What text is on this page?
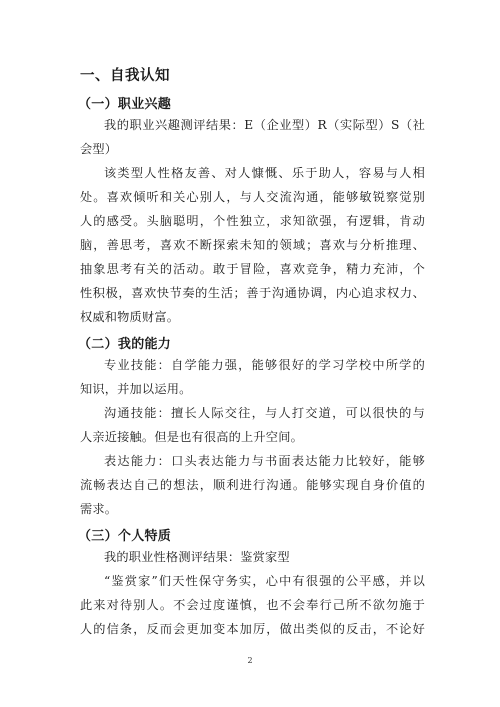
一、自我认知
（一）职业兴趣
我的职业兴趣测评结果：E（企业型）R（实际型）S（社
会型）
该类型人性格友善、对人慷慨、乐于助人，容易与人相
处。喜欢倾听和关心别人，与人交流沟通，能够敏锐察觉别
人的感受。头脑聪明，个性独立，求知欲强，有逻辑，肯动
脑，善思考，喜欢不断探索未知的领域；喜欢与分析推理、
抽象思考有关的活动。敢于冒险，喜欢竞争，精力充沛，个
性积极，喜欢快节奏的生活；善于沟通协调，内心追求权力、
权威和物质财富。
（二）我的能力
专业技能：自学能力强，能够很好的学习学校中所学的
知识，并加以运用。
沟通技能：擅长人际交往，与人打交道，可以很快的与
人亲近接触。但是也有很高的上升空间。
表达能力：口头表达能力与书面表达能力比较好，能够
流畅表达自己的想法，顺利进行沟通。能够实现自身价值的
需求。
（三）个人特质
我的职业性格测评结果：鉴赏家型
“鉴赏家”们天性保守务实，心中有很强的公平感，并以
此来对待别人。不会过度谨慎，也不会奉行己所不欲勿施于
人的信条，反而会更加变本加厉，做出类似的反击，不论好
2
